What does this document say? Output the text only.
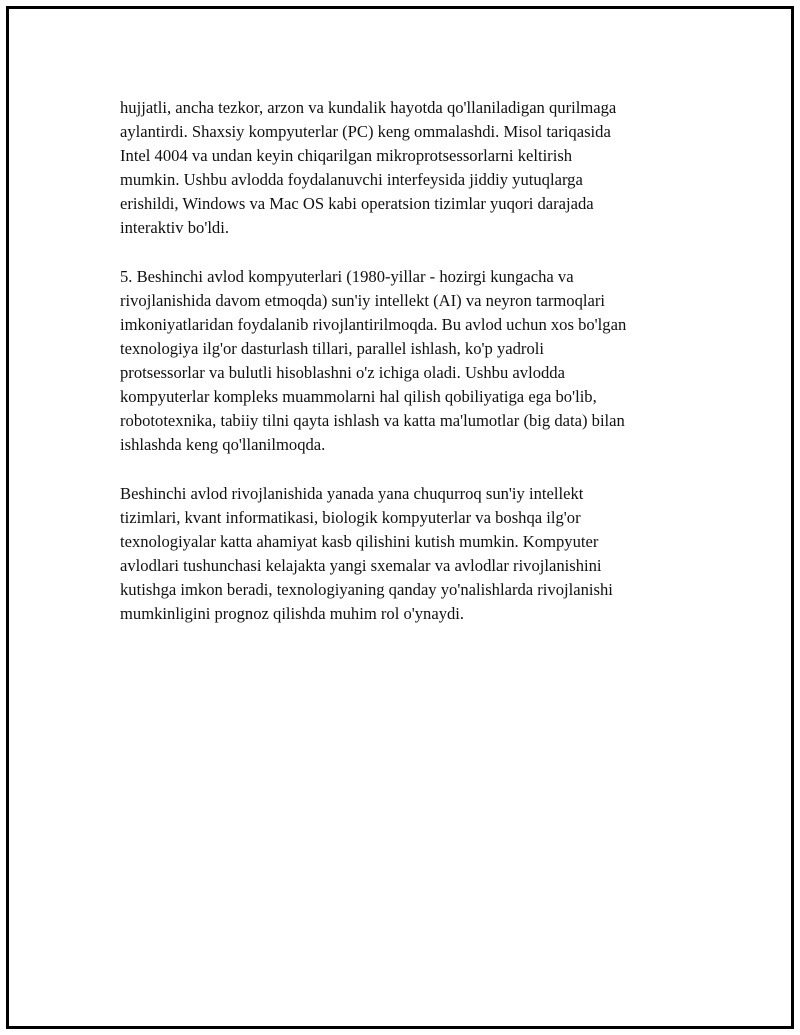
hujjatli, ancha tezkor, arzon va kundalik hayotda qo'llaniladigan qurilmaga
aylantirdi. Shaxsiy kompyuterlar (PC) keng ommalashdi. Misol tariqasida
Intel 4004 va undan keyin chiqarilgan mikroprotsessorlarni keltirish
mumkin. Ushbu avlodda foydalanuvchi interfeysida jiddiy yutuqlarga
erishildi, Windows va Mac OS kabi operatsion tizimlar yuqori darajada
interaktiv bo'ldi.

5. Beshinchi avlod kompyuterlari (1980-yillar - hozirgi kungacha va
rivojlanishida davom etmoqda) sun'iy intellekt (AI) va neyron tarmoqlari
imkoniyatlaridan foydalanib rivojlantirilmoqda. Bu avlod uchun xos bo'lgan
texnologiya ilg'or dasturlash tillari, parallel ishlash, ko'p yadroli
protsessorlar va bulutli hisoblashni o'z ichiga oladi. Ushbu avlodda
kompyuterlar kompleks muammolarni hal qilish qobiliyatiga ega bo'lib,
robototexnika, tabiiy tilni qayta ishlash va katta ma'lumotlar (big data) bilan
ishlashda keng qo'llanilmoqda.

Beshinchi avlod rivojlanishida yanada yana chuqurroq sun'iy intellekt
tizimlari, kvant informatikasi, biologik kompyuterlar va boshqa ilg'or
texnologiyalar katta ahamiyat kasb qilishini kutish mumkin. Kompyuter
avlodlari tushunchasi kelajakta yangi sxemalar va avlodlar rivojlanishini
kutishga imkon beradi, texnologiyaning qanday yo'nalishlarda rivojlanishi
mumkinligini prognoz qilishda muhim rol o'ynaydi.
